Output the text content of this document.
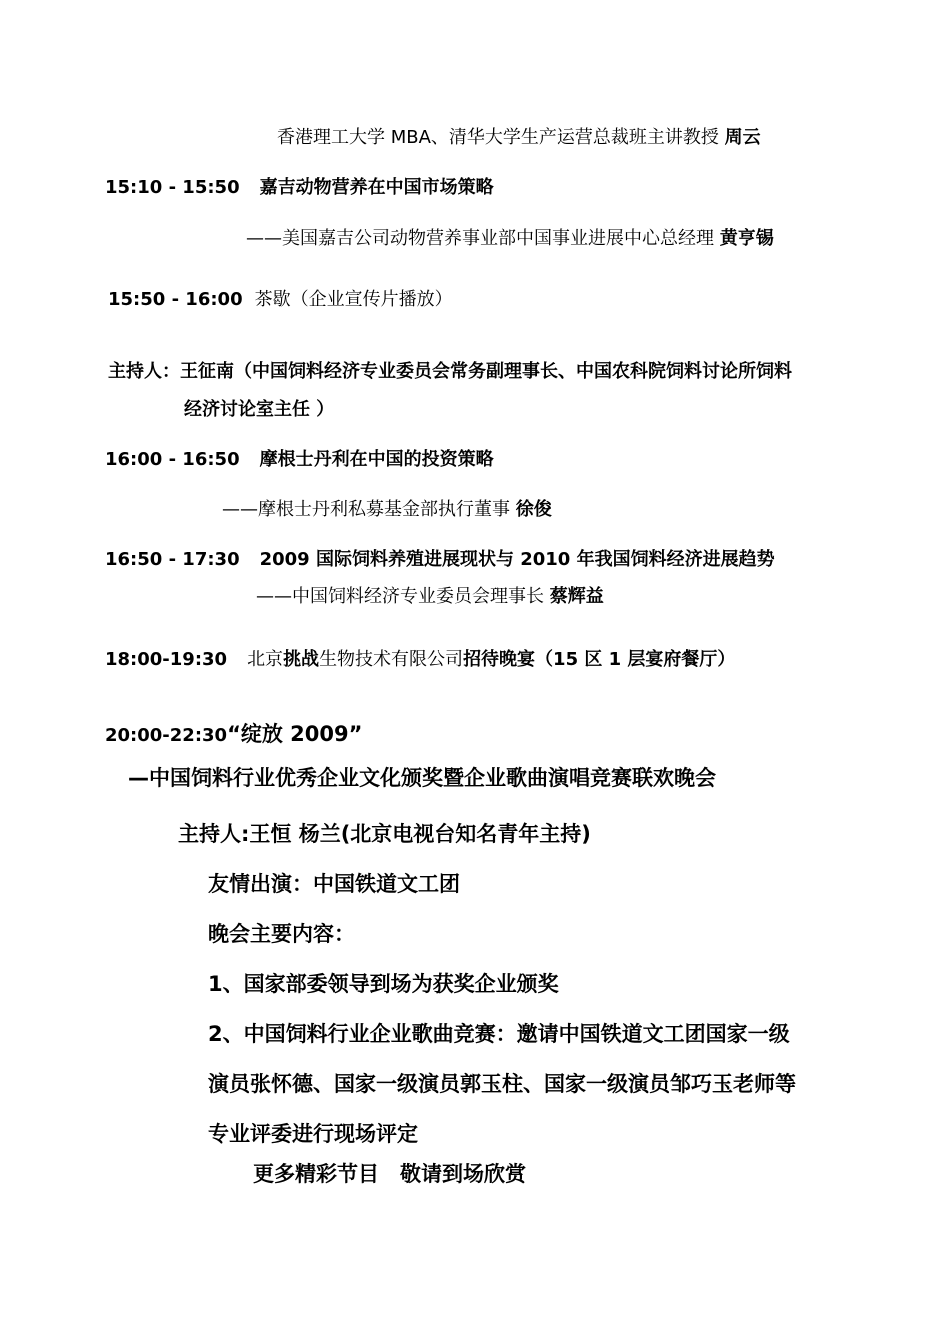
香港理工大学 MBA、清华大学生产运营总裁班主讲教授 周云
15:10 - 15:50 嘉吉动物营养在中国市场策略
——美国嘉吉公司动物营养事业部中国事业进展中心总经理 黄亨锡
15:50 - 16:00 茶歇（企业宣传片播放）
主持人：王征南（中国饲料经济专业委员会常务副理事长、中国农科院饲料讨论所饲料
经济讨论室主任 ）
16:00 - 16:50 摩根士丹利在中国的投资策略
——摩根士丹利私募基金部执行董事 徐俊
16:50 - 17:30 2009 国际饲料养殖进展现状与 2010 年我国饲料经济进展趋势
——中国饲料经济专业委员会理事长 蔡辉益
18:00-19:30 北京挑战生物技术有限公司招待晚宴（15 区 1 层宴府餐厅）
20:00-22:30“绽放 2009”
—中国饲料行业优秀企业文化颁奖暨企业歌曲演唱竞赛联欢晚会
主持人:王恒 杨兰(北京电视台知名青年主持)
友情出演：中国铁道文工团
晚会主要内容：
1、国家部委领导到场为获奖企业颁奖
2、中国饲料行业企业歌曲竞赛：邀请中国铁道文工团国家一级
演员张怀德、国家一级演员郭玉柱、国家一级演员邹巧玉老师等
专业评委进行现场评定
更多精彩节目　敬请到场欣赏
